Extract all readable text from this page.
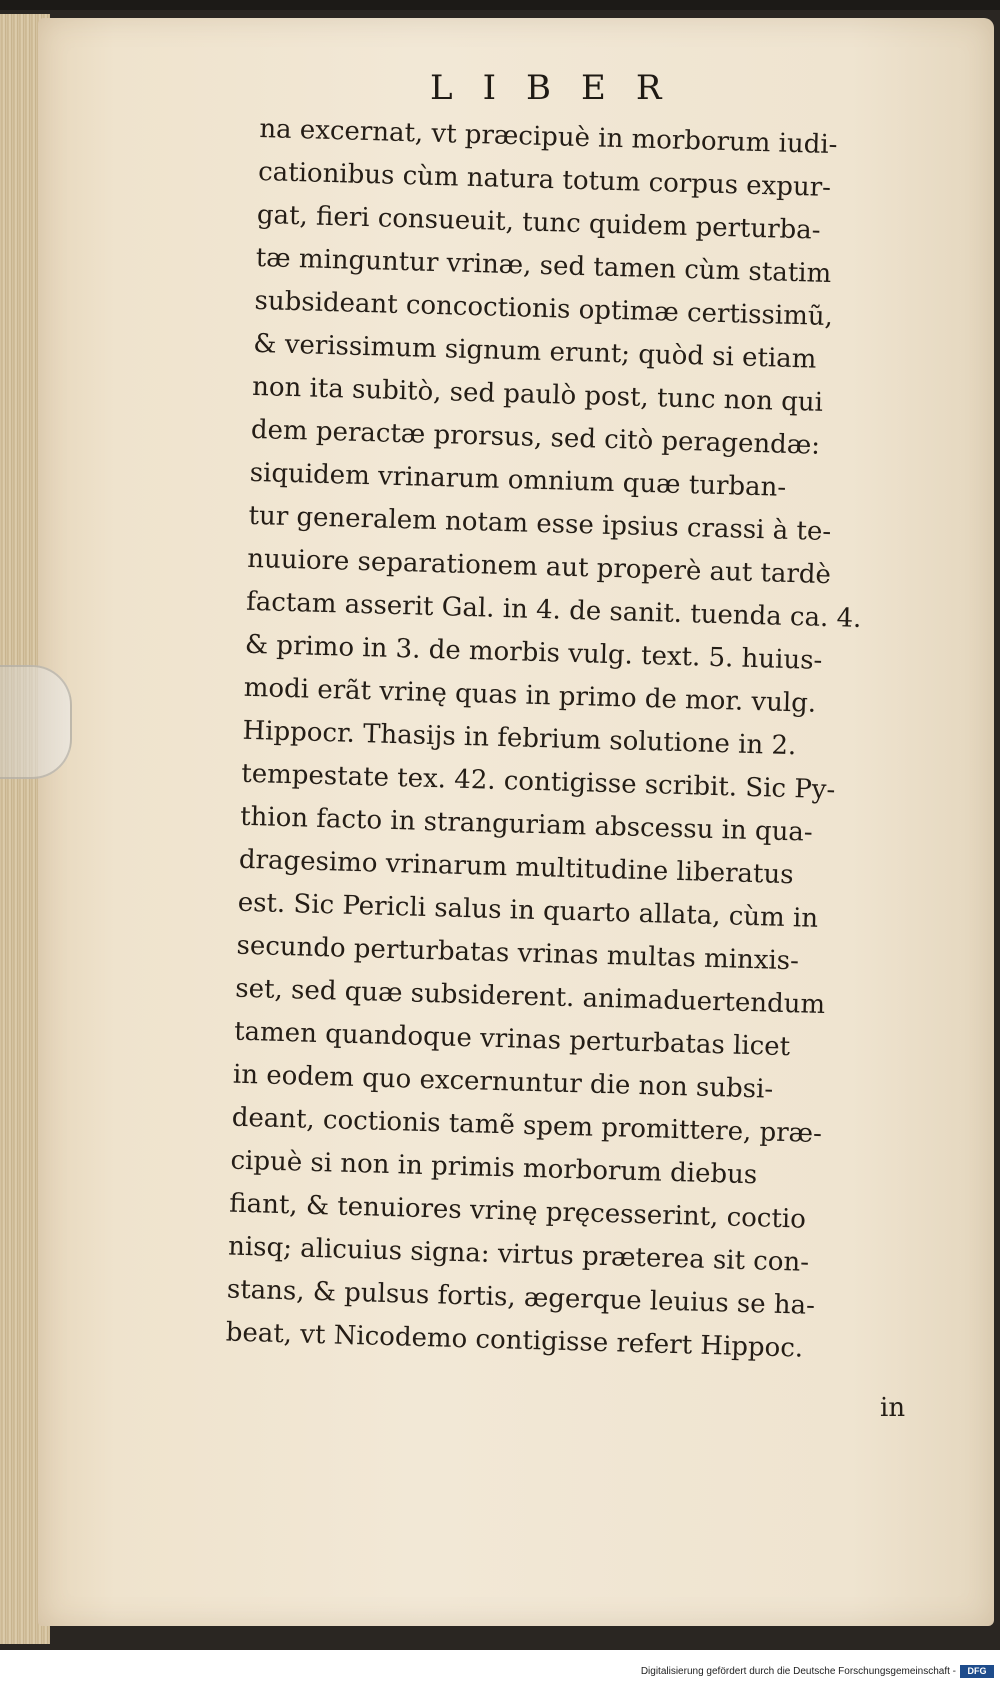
LIBER
na excernat, vt præcipuè in morborum iudi-
cationibus cùm natura totum corpus expur-
gat, fieri consueuit, tunc quidem perturba-
tæ minguntur vrinæ, sed tamen cùm statim
subsideant concoctionis optimæ certissimũ,
& verissimum signum erunt; quòd si etiam
non ita subitò, sed paulò post, tunc non qui
dem peractæ prorsus, sed citò peragendæ:
siquidem vrinarum omnium quæ turban-
tur generalem notam esse ipsius crassi à te-
nuuiore separationem aut properè aut tardè
factam asserit Gal. in 4. de sanit. tuenda ca. 4.
& primo in 3. de morbis vulg. text. 5. huius-
modi erãt vrinę quas in primo de mor. vulg.
Hippocr. Thasijs in febrium solutione in 2.
tempestate tex. 42. contigisse scribit. Sic Py-
thion facto in stranguriam abscessu in qua-
dragesimo vrinarum multitudine liberatus
est. Sic Pericli salus in quarto allata, cùm in
secundo perturbatas vrinas multas minxis-
set, sed quæ subsiderent. animaduertendum
tamen quandoque vrinas perturbatas licet
in eodem quo excernuntur die non subsi-
deant, coctionis tamẽ spem promittere, præ-
cipuè si non in primis morborum diebus
fiant, & tenuiores vrinę pręcesserint, coctio
nisq; alicuius signa: virtus præterea sit con-
stans, & pulsus fortis, ægerque leuius se ha-
beat, vt Nicodemo contigisse refert Hippoc.
in
Digitalisierung gefördert durch die Deutsche Forschungsgemeinschaft -	DFG
